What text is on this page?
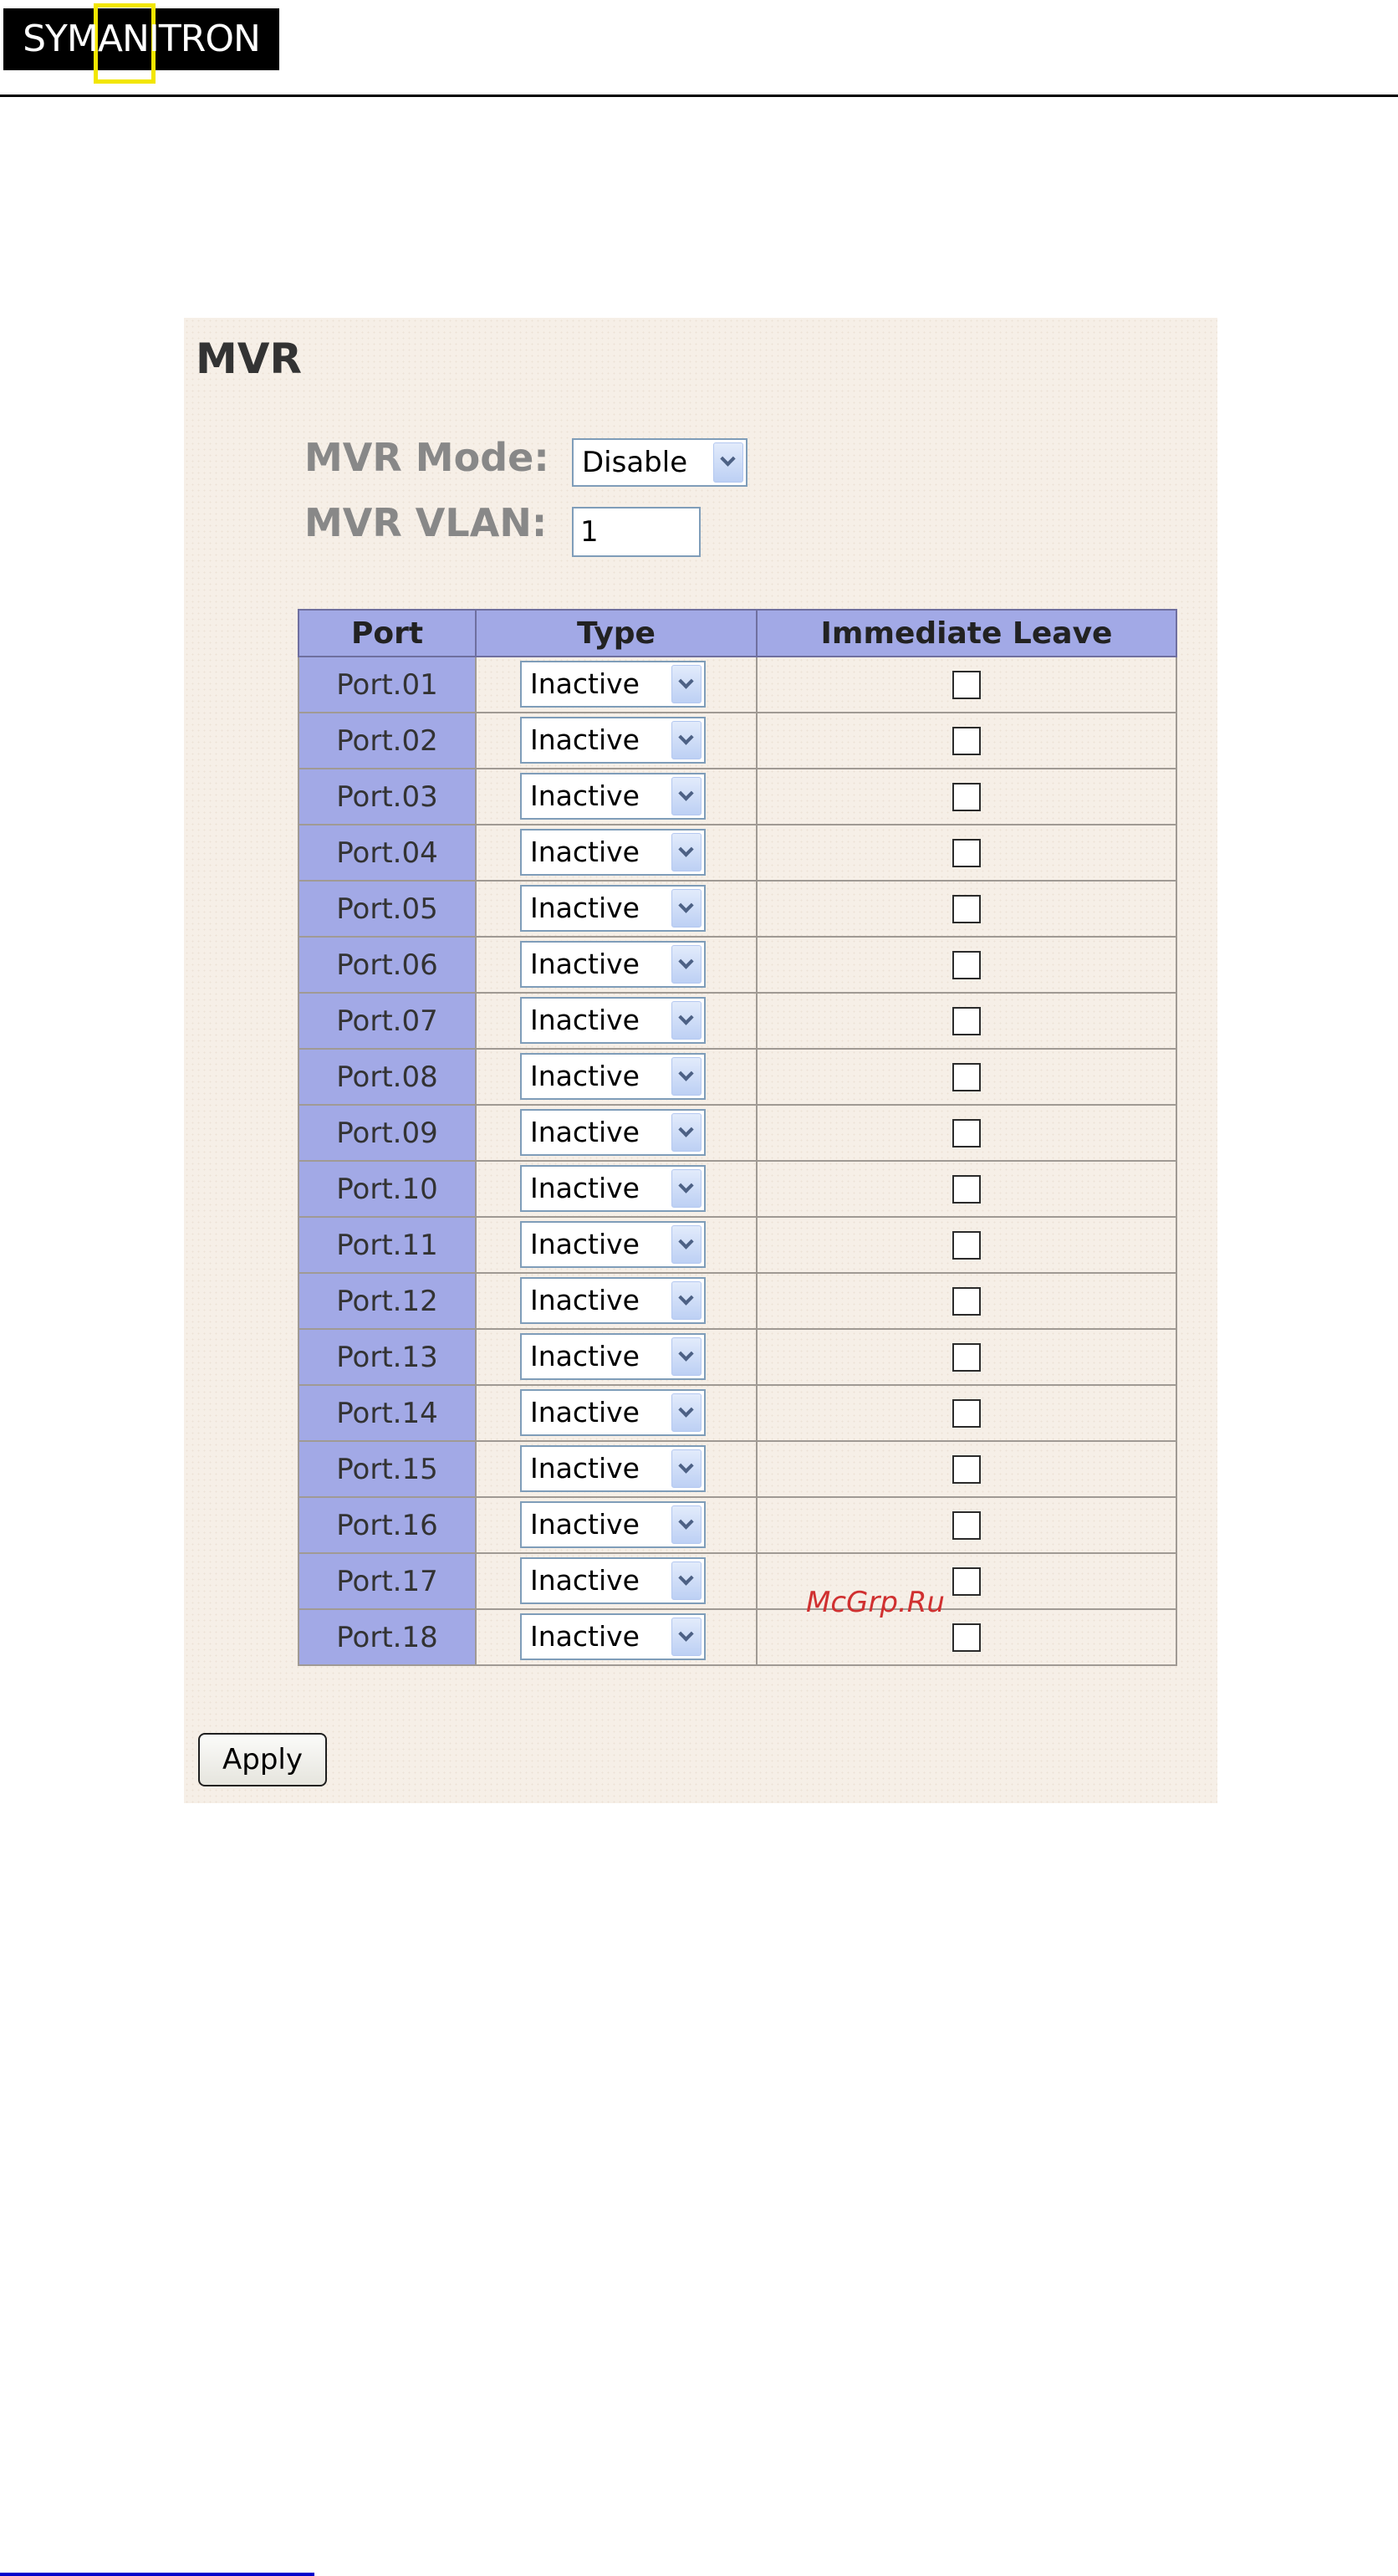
SYMANITRON
MVR
MVR Mode: Disable
MVR VLAN:
1
Port	Type	Immediate Leave
Port.01	Inactive	

Port.02	Inactive	

Port.03	Inactive	

Port.04	Inactive	

Port.05	Inactive	

Port.06	Inactive	

Port.07	Inactive	

Port.08	Inactive	

Port.09	Inactive	

Port.10	Inactive	

Port.11	Inactive	

Port.12	Inactive	

Port.13	Inactive	

Port.14	Inactive	

Port.15	Inactive	

Port.16	Inactive	

Port.17	Inactive	

Port.18	Inactive	

McGrp.Ru
Apply
